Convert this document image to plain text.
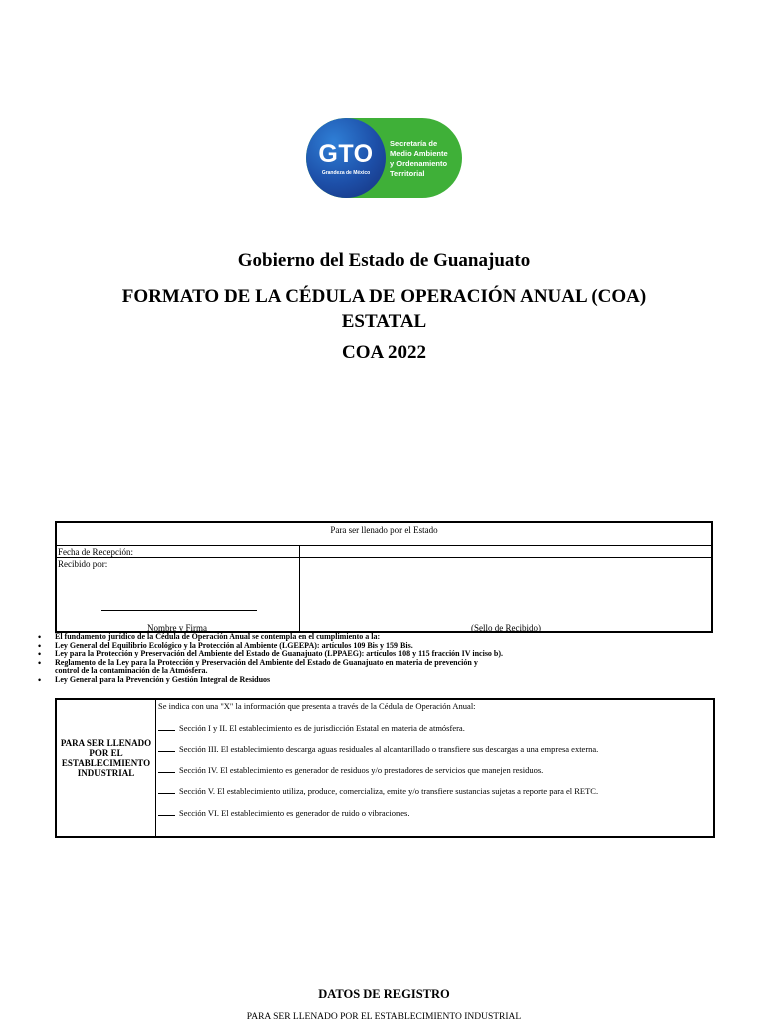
GTO
Grandeza de México
Secretaría de
Medio Ambiente
y Ordenamiento
Territorial
Gobierno del Estado de Guanajuato
FORMATO DE LA CÉDULA DE OPERACIÓN ANUAL (COA)
ESTATAL
COA 2022
Para ser llenado por el Estado
Fecha de Recepción:
Recibido por:
Nombre y Firma	(Sello de Recibido)
• El fundamento jurídico de la Cédula de Operación Anual se contempla en el cumplimiento a la:
• Ley General del Equilibrio Ecológico y la Protección al Ambiente (LGEEPA): artículos 109 Bis y 159 Bis.
• Ley para la Protección y Preservación del Ambiente del Estado de Guanajuato (LPPAEG): artículos 108 y 115 fracción IV inciso b).
• Reglamento de la Ley para la Protección y Preservación del Ambiente del Estado de Guanajuato en materia de prevención y control de la contaminación de la Atmósfera.
• Ley General para la Prevención y Gestión Integral de Residuos
PARA SER LLENADO POR EL ESTABLECIMIENTO INDUSTRIAL
Se indica con una "X" la información que presenta a través de la Cédula de Operación Anual:
Sección I y II. El establecimiento es de jurisdicción Estatal en materia de atmósfera.
Sección III. El establecimiento descarga aguas residuales al alcantarillado o transfiere sus descargas a una empresa externa.
Sección IV. El establecimiento es generador de residuos y/o prestadores de servicios que manejen residuos.
Sección V. El establecimiento utiliza, produce, comercializa, emite y/o transfiere sustancias sujetas a reporte para el RETC.
Sección VI. El establecimiento es generador de ruido o vibraciones.
DATOS DE REGISTRO
PARA SER LLENADO POR EL ESTABLECIMIENTO INDUSTRIAL
